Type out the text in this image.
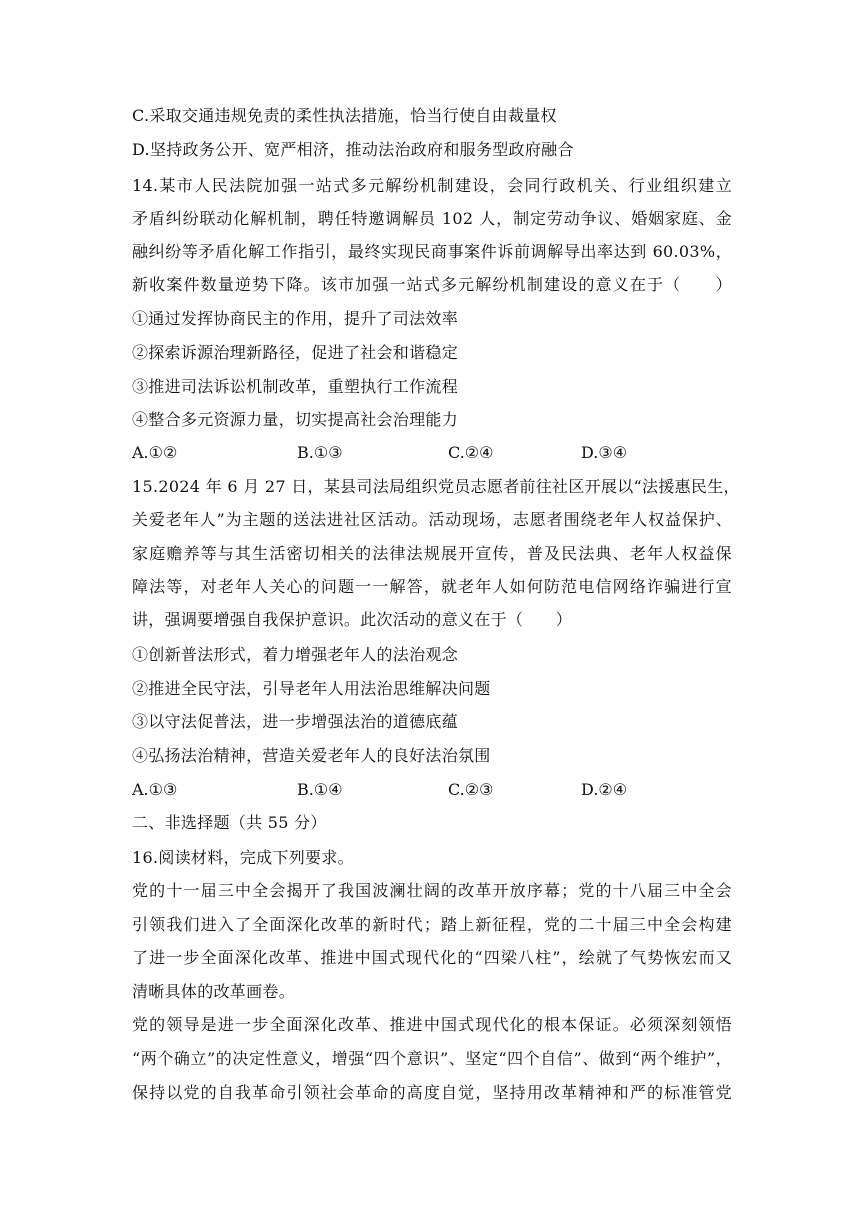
C.采取交通违规免责的柔性执法措施，恰当行使自由裁量权
D.坚持政务公开、宽严相济，推动法治政府和服务型政府融合
14.某市人民法院加强一站式多元解纷机制建设，会同行政机关、行业组织建立
矛盾纠纷联动化解机制，聘任特邀调解员 102 人，制定劳动争议、婚姻家庭、金
融纠纷等矛盾化解工作指引，最终实现民商事案件诉前调解导出率达到 60.03%，
新收案件数量逆势下降。该市加强一站式多元解纷机制建设的意义在于（　　）
①通过发挥协商民主的作用，提升了司法效率
②探索诉源治理新路径，促进了社会和谐稳定
③推进司法诉讼机制改革，重塑执行工作流程
④整合多元资源力量，切实提高社会治理能力
A.①②	B.①③	C.②④	D.③④
15.2024 年 6 月 27 日，某县司法局组织党员志愿者前往社区开展以“法援惠民生，
关爱老年人”为主题的送法进社区活动。活动现场，志愿者围绕老年人权益保护、
家庭赡养等与其生活密切相关的法律法规展开宣传，普及民法典、老年人权益保
障法等，对老年人关心的问题一一解答，就老年人如何防范电信网络诈骗进行宣
讲，强调要增强自我保护意识。此次活动的意义在于（　　）
①创新普法形式，着力增强老年人的法治观念
②推进全民守法，引导老年人用法治思维解决问题
③以守法促普法，进一步增强法治的道德底蕴
④弘扬法治精神，营造关爱老年人的良好法治氛围
A.①③	B.①④	C.②③	D.②④
二、非选择题（共 55 分）
16.阅读材料，完成下列要求。
党的十一届三中全会揭开了我国波澜壮阔的改革开放序幕；党的十八届三中全会
引领我们进入了全面深化改革的新时代；踏上新征程，党的二十届三中全会构建
了进一步全面深化改革、推进中国式现代化的“四梁八柱”，绘就了气势恢宏而又
清晰具体的改革画卷。
党的领导是进一步全面深化改革、推进中国式现代化的根本保证。必须深刻领悟
“两个确立”的决定性意义，增强“四个意识”、坚定“四个自信”、做到“两个维护”，
保持以党的自我革命引领社会革命的高度自觉，坚持用改革精神和严的标准管党
